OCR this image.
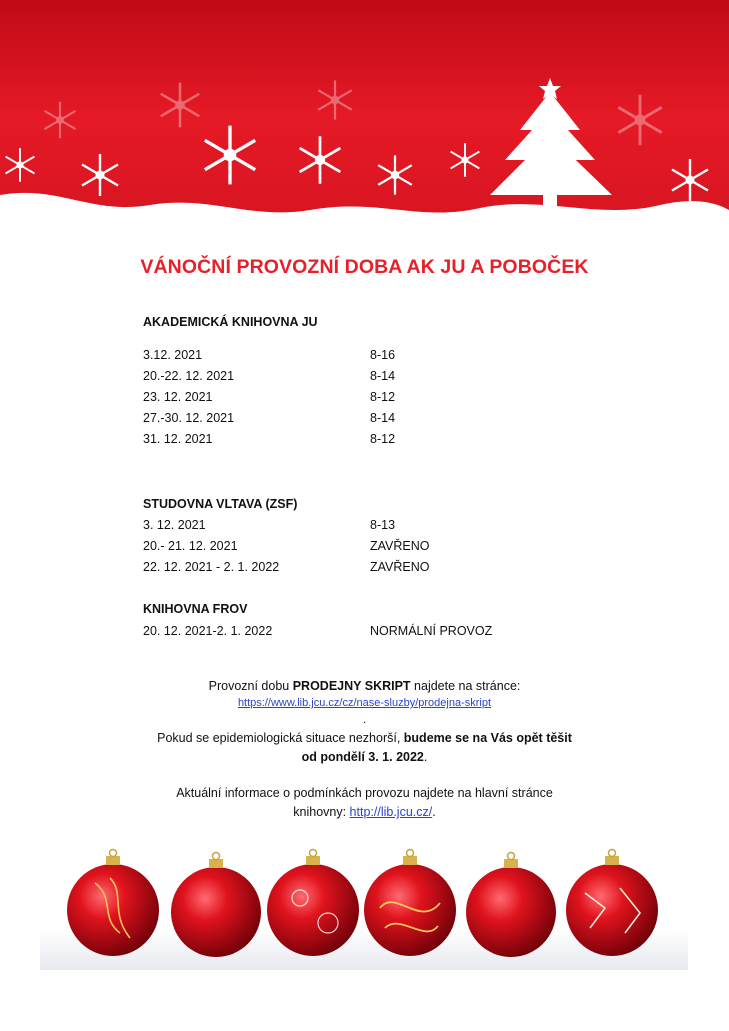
VÁNOČNÍ PROVOZNÍ DOBA AK JU A POBOČEK
AKADEMICKÁ KNIHOVNA JU
3.12. 2021	8-16
20.-22. 12. 2021	8-14
23. 12. 2021	8-12
27.-30. 12. 2021	8-14
31. 12. 2021	8-12
STUDOVNA VLTAVA (ZSF)
3. 12. 2021	8-13
20.- 21. 12. 2021	ZAVŘENO
22. 12. 2021 - 2. 1. 2022	ZAVŘENO
KNIHOVNA FROV
20. 12. 2021-2. 1. 2022	NORMÁLNÍ PROVOZ
Provozní dobu PRODEJNY SKRIPT najdete na stránce:
https://www.lib.jcu.cz/cz/nase-sluzby/prodejna-skript
.
Pokud se epidemiologická situace nezhorší, budeme se na Vás opět těšit
od pondělí 3. 1. 2022.
Aktuální informace o podmínkách provozu najdete na hlavní stránce
knihovny: http://lib.jcu.cz/.
